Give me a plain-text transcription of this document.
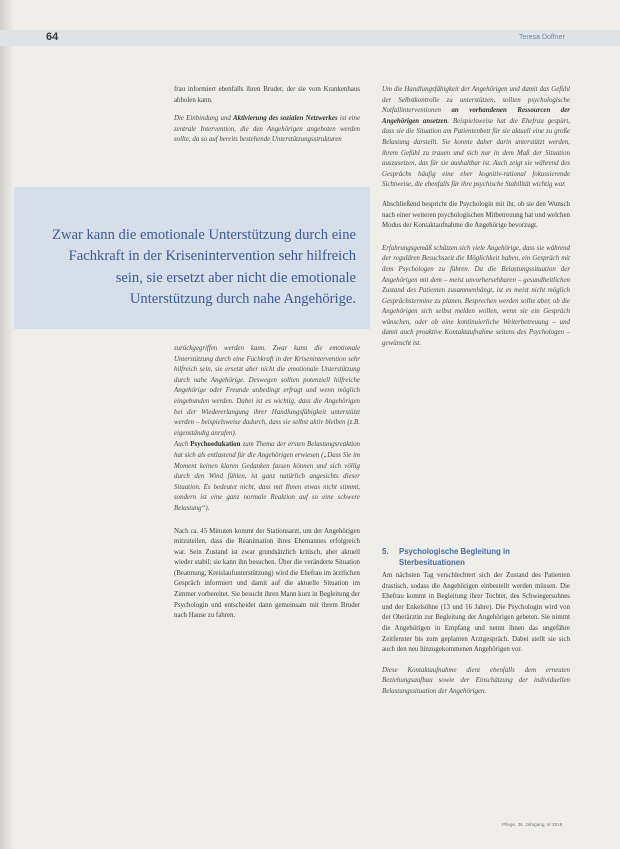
64	Teresa Doffner

frau informiert ebenfalls ihren Bruder, der sie vom Krankenhaus abholen kann.

Die Einbindung und Aktivierung des sozialen Netzwerkes ist eine zentrale Intervention, die den Angehörigen angeboten werden sollte, da so auf bereits bestehende Unterstützungsstrukturen

Zwar kann die emotionale Unterstützung durch eine Fachkraft in der Krisenintervention sehr hilfreich sein, sie ersetzt aber nicht die emotionale Unterstützung durch nahe Angehörige.

zurückgegriffen werden kann. Zwar kann die emotionale Unterstützung durch eine Fachkraft in der Krisenintervention sehr hilfreich sein, sie ersetzt aber nicht die emotionale Unterstützung durch nahe Angehörige. Deswegen sollten potenziell hilfreiche Angehörige oder Freunde unbedingt erfragt und wenn möglich eingebunden werden. Dabei ist es wichtig, dass die Angehörigen bei der Wiedererlangung ihrer Handlungsfähigkeit unterstützt werden – beispielsweise dadurch, dass sie selbst aktiv bleiben (z.B. eigenständig anrufen).

Auch Psychoedukation zum Thema der ersten Belastungsreaktion hat sich als entlastend für die Angehörigen erwiesen („Dass Sie im Moment keinen klaren Gedanken fassen können und sich völlig durch den Wind fühlen, ist ganz natürlich angesichts dieser Situation. Es bedeutet nicht, dass mit Ihnen etwas nicht stimmt, sondern ist eine ganz normale Reaktion auf so eine schwere Belastung“).

Nach ca. 45 Minuten kommt der Stationsarzt, um der Angehörigen mitzuteilen, dass die Reanimation ihres Ehemannes erfolgreich war. Sein Zustand ist zwar grundsätzlich kritisch, aber aktuell wieder stabil; sie kann ihn besuchen. Über die veränderte Situation (Beatmung, Kreislaufunterstützung) wird die Ehefrau im ärztlichen Gespräch informiert und damit auf die aktuelle Situation im Zimmer vorbereitet. Sie besucht ihren Mann kurz in Begleitung der Psychologin und entscheidet dann gemeinsam mit ihrem Bruder nach Hause zu fahren.

Um die Handlungsfähigkeit der Angehörigen und damit das Gefühl der Selbstkontrolle zu unterstützen, sollten psychologische Notfallinterventionen an vorhandenen Ressourcen der Angehörigen ansetzen. Beispielsweise hat die Ehefrau gespürt, dass sie die Situation am Patientenbett für sie aktuell eine zu große Belastung darstellt. Sie konnte daher darin unterstützt werden, ihrem Gefühl zu trauen und sich nur in dem Maß der Situation auszusetzen, das für sie aushaltbar ist. Auch zeigt sie während des Gesprächs häufig eine eher kognitiv-rational fokussierende Sichtweise, die ebenfalls für ihre psychische Stabilität wichtig war.

Abschließend bespricht die Psychologin mit ihr, ob sie den Wunsch nach einer weiteren psychologischen Mitbetreuung hat und welchen Modus der Kontaktaufnahme die Angehörige bevorzugt.

Erfahrungsgemäß schätzen sich viele Angehörige, dass sie während der regulären Besuchszeit die Möglichkeit haben, ein Gespräch mit dem Psychologen zu führen. Da die Belastungssituation der Angehörigen mit dem – meist unvorhersehbaren – gesundheitlichen Zustand des Patienten zusammenhängt, ist es meist nicht möglich Gesprächstermine zu planen. Besprechen werden sollte aber, ob die Angehörigen sich selbst melden wollen, wenn sie ein Gespräch wünschen, oder ob eine kontinuierliche Weiterbetreuung – und damit auch proaktive Kontaktaufnahme seitens des Psychologen – gewünscht ist.

5. Psychologische Begleitung in
Sterbesituationen

Am nächsten Tag verschlechtert sich der Zustand des Patienten drastisch, sodass die Angehörigen einbestellt werden müssen. Die Ehefrau kommt in Begleitung ihrer Tochter, des Schwiegersohnes und der Enkelsöhne (13 und 16 Jahre). Die Psychologin wird von der Oberärztin zur Begleitung der Angehörigen gebeten. Sie nimmt die Angehörigen in Empfang und nennt ihnen das ungefähre Zeitfenster bis zum geplanten Arztgespräch. Dabei stellt sie sich auch den neu hinzugekommenen Angehörigen vor.

Diese Kontaktaufnahme dient ebenfalls dem erneuten Beziehungsaufbau sowie der Einschätzung der individuellen Belastungssituation der Angehörigen.

Pflege, 36. Jahrgang, 6/ 2018
